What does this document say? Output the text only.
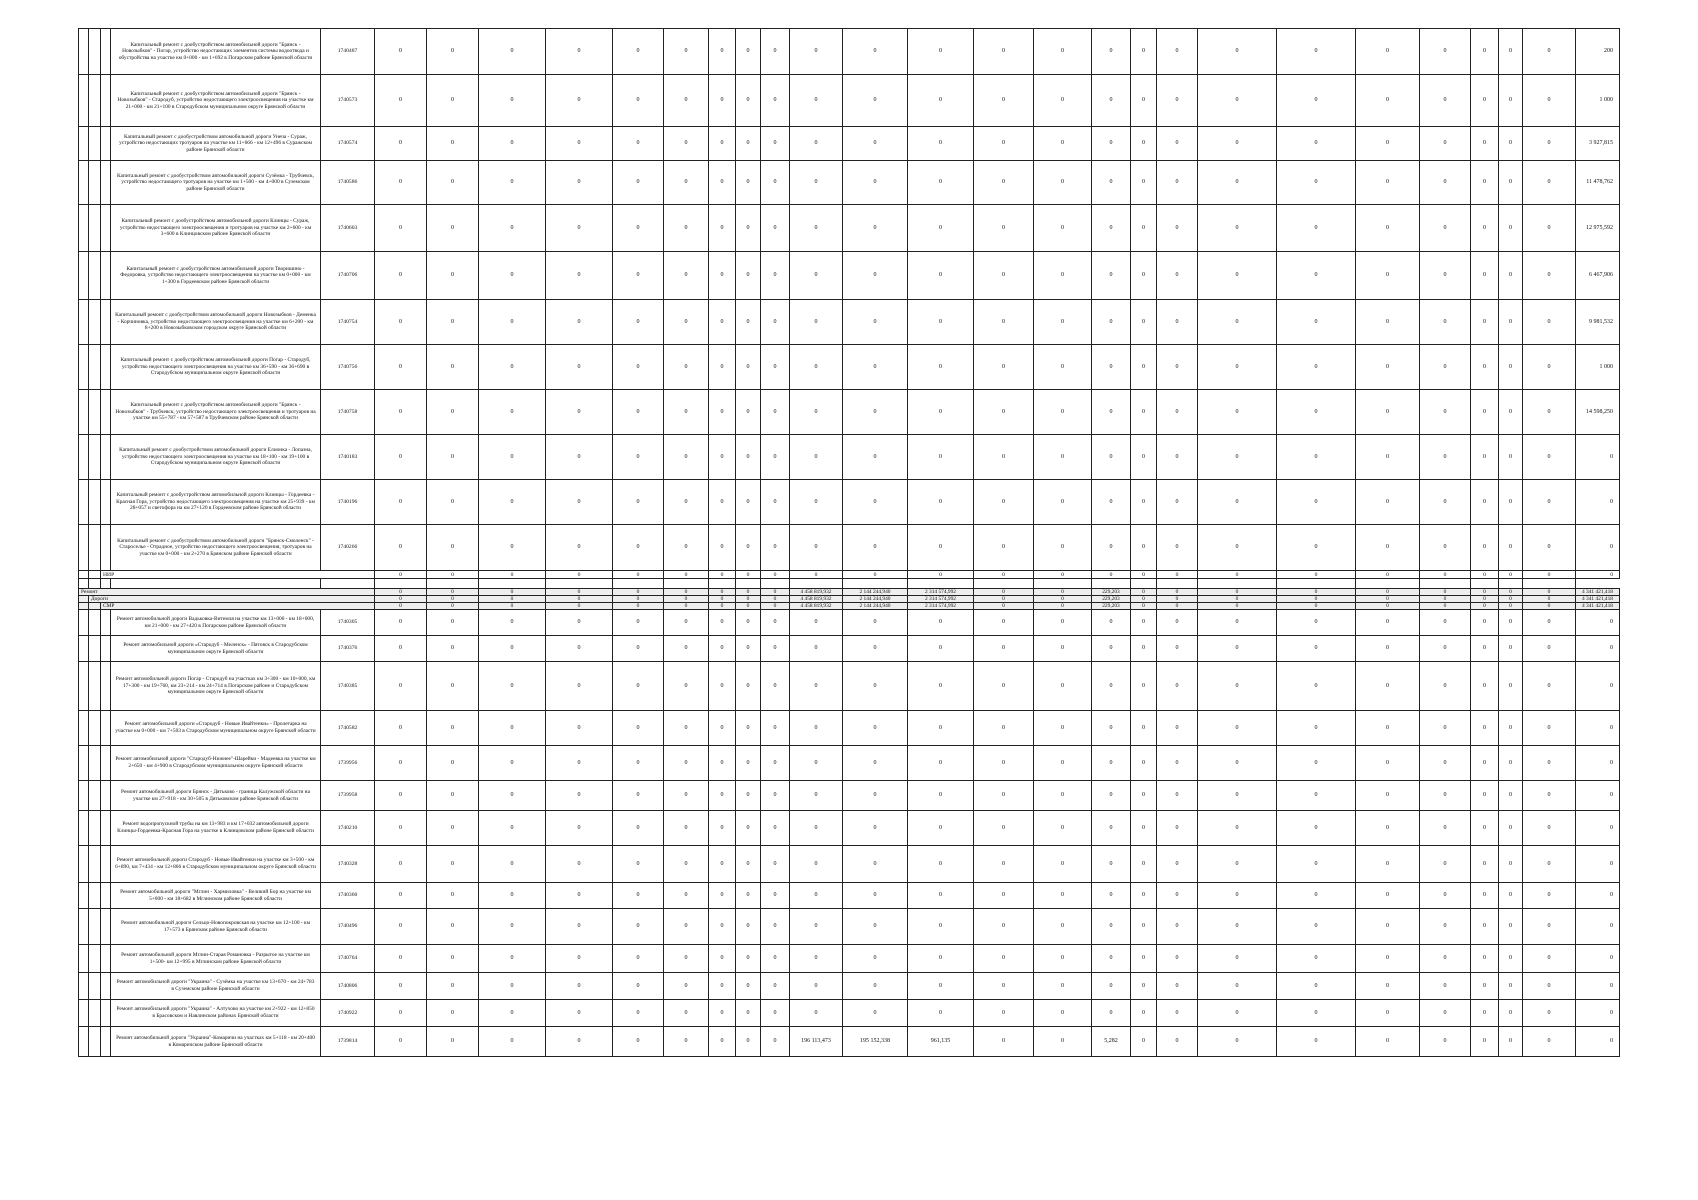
			Капитальный ремонт с дообустройством автомобильной дороги "Брянск - Новозыбков" - Погар, устройство недостающих элементов системы водоотвода и обустройства на участке км 0+000 - км 1+692 в Погарском районе Брянской области	1740487	0	0	0	0	0	0	0	0	0	0	0	0	0	0	0	0	0	0	0	0	0	0	0	0	200
			Капитальный ремонт с дообустройством автомобильной дороги "Брянск - Новозыбков" - Стародуб, устройство недостающего электроосвещения на участке км 21+000 - км 21+100 в Стародубском муниципальном округе Брянской области	1740573	0	0	0	0	0	0	0	0	0	0	0	0	0	0	0	0	0	0	0	0	0	0	0	0	1 000
			Капитальный ремонт с дообустройством автомобильной дороги Унеча - Сураж, устройство недостающих тротуаров на участке км 11+666 - км 12+496 в Суражском районе Брянской области	1740574	0	0	0	0	0	0	0	0	0	0	0	0	0	0	0	0	0	0	0	0	0	0	0	0	3 927,815
			Капитальный ремонт с дообустройством автомобильной дороги Сузёмка - Трубчевск, устройство недостающего тротуаров на участке км 1+500 - км 4+000 в Суземском районе Брянской области	1740586	0	0	0	0	0	0	0	0	0	0	0	0	0	0	0	0	0	0	0	0	0	0	0	0	11 478,762
			Капитальный ремонт с дообустройством автомобильной дороги Клинцы - Сураж, устройство недостающего электроосвещения и тротуаров на участке км 2+600 - км 3+600 в Клинцовском районе Брянской области	1740603	0	0	0	0	0	0	0	0	0	0	0	0	0	0	0	0	0	0	0	0	0	0	0	0	12 975,592
			Капитальный ремонт с дообустройством автомобильной дороги Творишино - Федоровка, устройство недостающего электроосвещения на участке км 0+000 - км 1+300 в Гордеевском районе Брянской области	1740706	0	0	0	0	0	0	0	0	0	0	0	0	0	0	0	0	0	0	0	0	0	0	0	0	6 467,906
			Капитальный ремонт с дообустройством автомобильной дороги Новозыбков - Деменка - Корчиновка, устройство недостающего электроосвещения на участке км 6+200 - км 8+200 в Новозыбковском городском округе Брянской области	1740754	0	0	0	0	0	0	0	0	0	0	0	0	0	0	0	0	0	0	0	0	0	0	0	0	9 981,532
			Капитальный ремонт с дообустройством автомобильной дороги Погар - Стародуб, устройство недостающего электроосвещения на участке км 36+590 - км 36+690 в Стародубском муниципальном округе Брянской области	1740756	0	0	0	0	0	0	0	0	0	0	0	0	0	0	0	0	0	0	0	0	0	0	0	0	1 000
			Капитальный ремонт с дообустройством автомобильной дороги "Брянск - Новозыбков" - Трубчевск, устройство недостающего электроосвещения и тротуаров на участке км 55+787 - км 57+587 в Трубчевском районе Брянской области	1740758	0	0	0	0	0	0	0	0	0	0	0	0	0	0	0	0	0	0	0	0	0	0	0	0	14 598,250
			Капитальный ремонт с дообустройством автомобильной дороги Елионка - Лопазна, устройство недостающего электроосвещения на участке км 18+100 - км 19+100 в Стародубском муниципальном округе Брянской области	1740183	0	0	0	0	0	0	0	0	0	0	0	0	0	0	0	0	0	0	0	0	0	0	0	0	0
			Капитальный ремонт с дообустройством автомобильной дороги Клинцы - Гордеевка - Красная Гора, устройство недостающего электроосвещения на участке км 25+939 - км 28+057 и светофора на км 27+120 в Гордеевском районе Брянской области	1740196	0	0	0	0	0	0	0	0	0	0	0	0	0	0	0	0	0	0	0	0	0	0	0	0	0
			Капитальный ремонт с дообустройством автомобильной дороги "Брянск-Смоленск" - Староселье - Отрадное, устройство недостающего электроосвещения, тротуаров на участке км 0+000 - км 2+270 в Брянском районе Брянской области	1740266	0	0	0	0	0	0	0	0	0	0	0	0	0	0	0	0	0	0	0	0	0	0	0	0	0
		НИР			0	0	0	0	0	0	0	0	0	0	0	0	0	0	0	0	0	0	0	0	0	0	0	0	0

Ремонт					0	0	0	0	0	0	0	0	0	4 458 819,932	2 144 244,940	2 314 574,992	0	0	229,203	0	0	0	0	0	0	0	0	0	4 341 421,418
	Дороги				0	0	0	0	0	0	0	0	0	4 458 819,932	2 144 244,940	2 314 574,992	0	0	229,203	0	0	0	0	0	0	0	0	0	4 341 421,418
		СМР			0	0	0	0	0	0	0	0	0	4 458 819,932	2 144 244,940	2 314 574,992	0	0	229,203	0	0	0	0	0	0	0	0	0	4 341 421,418
			Ремонт автомобильной дороги Вадьковка-Витемля на участке км 13+000 - км 18+000, км 21+000 - км 27+420 в Погарском районе Брянской области	1740305	0	0	0	0	0	0	0	0	0	0	0	0	0	0	0	0	0	0	0	0	0	0	0	0	0
			Ремонт автомобильной дороги «Стародуб - Меленск» - Пятовск в Стародубском муниципальном округе Брянской области	1740376	0	0	0	0	0	0	0	0	0	0	0	0	0	0	0	0	0	0	0	0	0	0	0	0	0
			Ремонт автомобильной дороги Погар - Стародуб на участках км 3+300 - км 10+000, км 17+300 - км 19+760, км 23+214 - км 24+714 в Погарском районе и Стародубском муниципальном округе Брянской области	1740385	0	0	0	0	0	0	0	0	0	0	0	0	0	0	0	0	0	0	0	0	0	0	0	0	0
			Ремонт автомобильной дороги «Стародуб - Новые Ивайтенки» - Пролетарка на участке км 0+000 - км 7+503 в Стародубском муниципальном округе Брянской области	1740582	0	0	0	0	0	0	0	0	0	0	0	0	0	0	0	0	0	0	0	0	0	0	0	0	0
			Ремонт автомобильной дороги "Стародуб-Нижнее"-Шарейки - Мадеевка на участке км 2+650 - км 4+900 в Стародубском муниципальном округе Брянской области	1739956	0	0	0	0	0	0	0	0	0	0	0	0	0	0	0	0	0	0	0	0	0	0	0	0	0
			Ремонт автомобильной дороги Брянск - Дятьково - граница Калужской области на участке км 27+918 - км 30+505 в Дятьковском районе Брянской области	1739958	0	0	0	0	0	0	0	0	0	0	0	0	0	0	0	0	0	0	0	0	0	0	0	0	0
			Ремонт водопропускной трубы на км 13+983 и км 17+032 автомобильной дороги Клинцы-Гордеевка-Красная Гора на участке в Клинцовском районе Брянской области	1740210	0	0	0	0	0	0	0	0	0	0	0	0	0	0	0	0	0	0	0	0	0	0	0	0	0
			Ремонт автомобильной дороги Стародуб - Новые Ивайтенки на участке км 3+500 - км 6+890, км 7+434 - км 12+866 в Стародубском муниципальном округе Брянской области	1740328	0	0	0	0	0	0	0	0	0	0	0	0	0	0	0	0	0	0	0	0	0	0	0	0	0
			Ремонт автомобильной дороги "Мглин - Хармиловка" - Великий Бор на участке км 5+000 - км 18+682 в Мглинском районе Брянской области	1740360	0	0	0	0	0	0	0	0	0	0	0	0	0	0	0	0	0	0	0	0	0	0	0	0	0
			Ремонт автомобильной дороги Сельцо-Новопокровская на участке км 12+100 - км 17+573 в Брянском районе Брянской области	1740496	0	0	0	0	0	0	0	0	0	0	0	0	0	0	0	0	0	0	0	0	0	0	0	0	0
			Ремонт автомобильной дороги Мглин-Старая Романовка - Разрытое на участке км 1+500- км 12+995 в Мглинском районе Брянской области	1740764	0	0	0	0	0	0	0	0	0	0	0	0	0	0	0	0	0	0	0	0	0	0	0	0	0
			Ремонт автомобильной дороги "Украина" - Сузёмка на участке км 13+670 - км 24+783 в Суземском районе Брянской области	1740806	0	0	0	0	0	0	0	0	0	0	0	0	0	0	0	0	0	0	0	0	0	0	0	0	0
			Ремонт автомобильной дороги "Украина" - Алтухово на участке км 2+922 - км 12+850 в Брасовском и Навлинском районах Брянской области	1740922	0	0	0	0	0	0	0	0	0	0	0	0	0	0	0	0	0	0	0	0	0	0	0	0	0
			Ремонт автомобильной дороги "Украина"-Комаричи на участках км 5+118 - км 20+400 в Комаричском районе Брянской области	1739814	0	0	0	0	0	0	0	0	0	196 113,473	195 152,338	961,135	0	0	5,282	0	0	0	0	0	0	0	0	0	0
